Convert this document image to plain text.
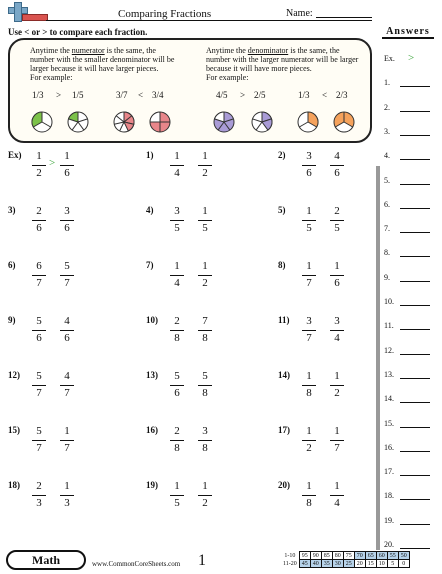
Comparing Fractions	Name:
Use < or > to compare each fraction.
Anytime the numerator is the same, the
number with the smaller denominator will be larger because it will have larger pieces.
For example:
Anytime the denominator is the same, the
number with the larger numerator will be larger because it will have more pieces.
For example:
1/3 > 1/5	3/7 < 3/4	4/5 > 2/5	1/3 < 2/3
Ex)	1
2
1
6
>
1)	1
4
1
2
2)	3
6
4
6
3)	2
6
3
6
4)	3
5
1
5
5)	1
5
2
5
6)	6
7
5
7
7)	1
4
1
2
8)	1
7
1
6
9)	5
6
4
6
10)	2
8
7
8
11)	3
7
3
4
12)	5
7
4
7
13)	5
6
5
8
14)	1
8
1
2
15)	5
7
1
7
16)	2
8
3
8
17)	1
2
1
7
18)	2
3
1
3
19)	1
5
1
2
20)	1
8
1
4
Answers
Ex. >
1.
2.
3.
4.
5.
6.
7.
8.
9.
10.
11.
12.
13.
14.
15.
16.
17.
18.
19.
20.
Math	www.CommonCoreSheets.com 1	1-10	95	90	85	80	75	70	65	60	55	50
11-20	45	40	35	30	25	20	15	10	5	0
